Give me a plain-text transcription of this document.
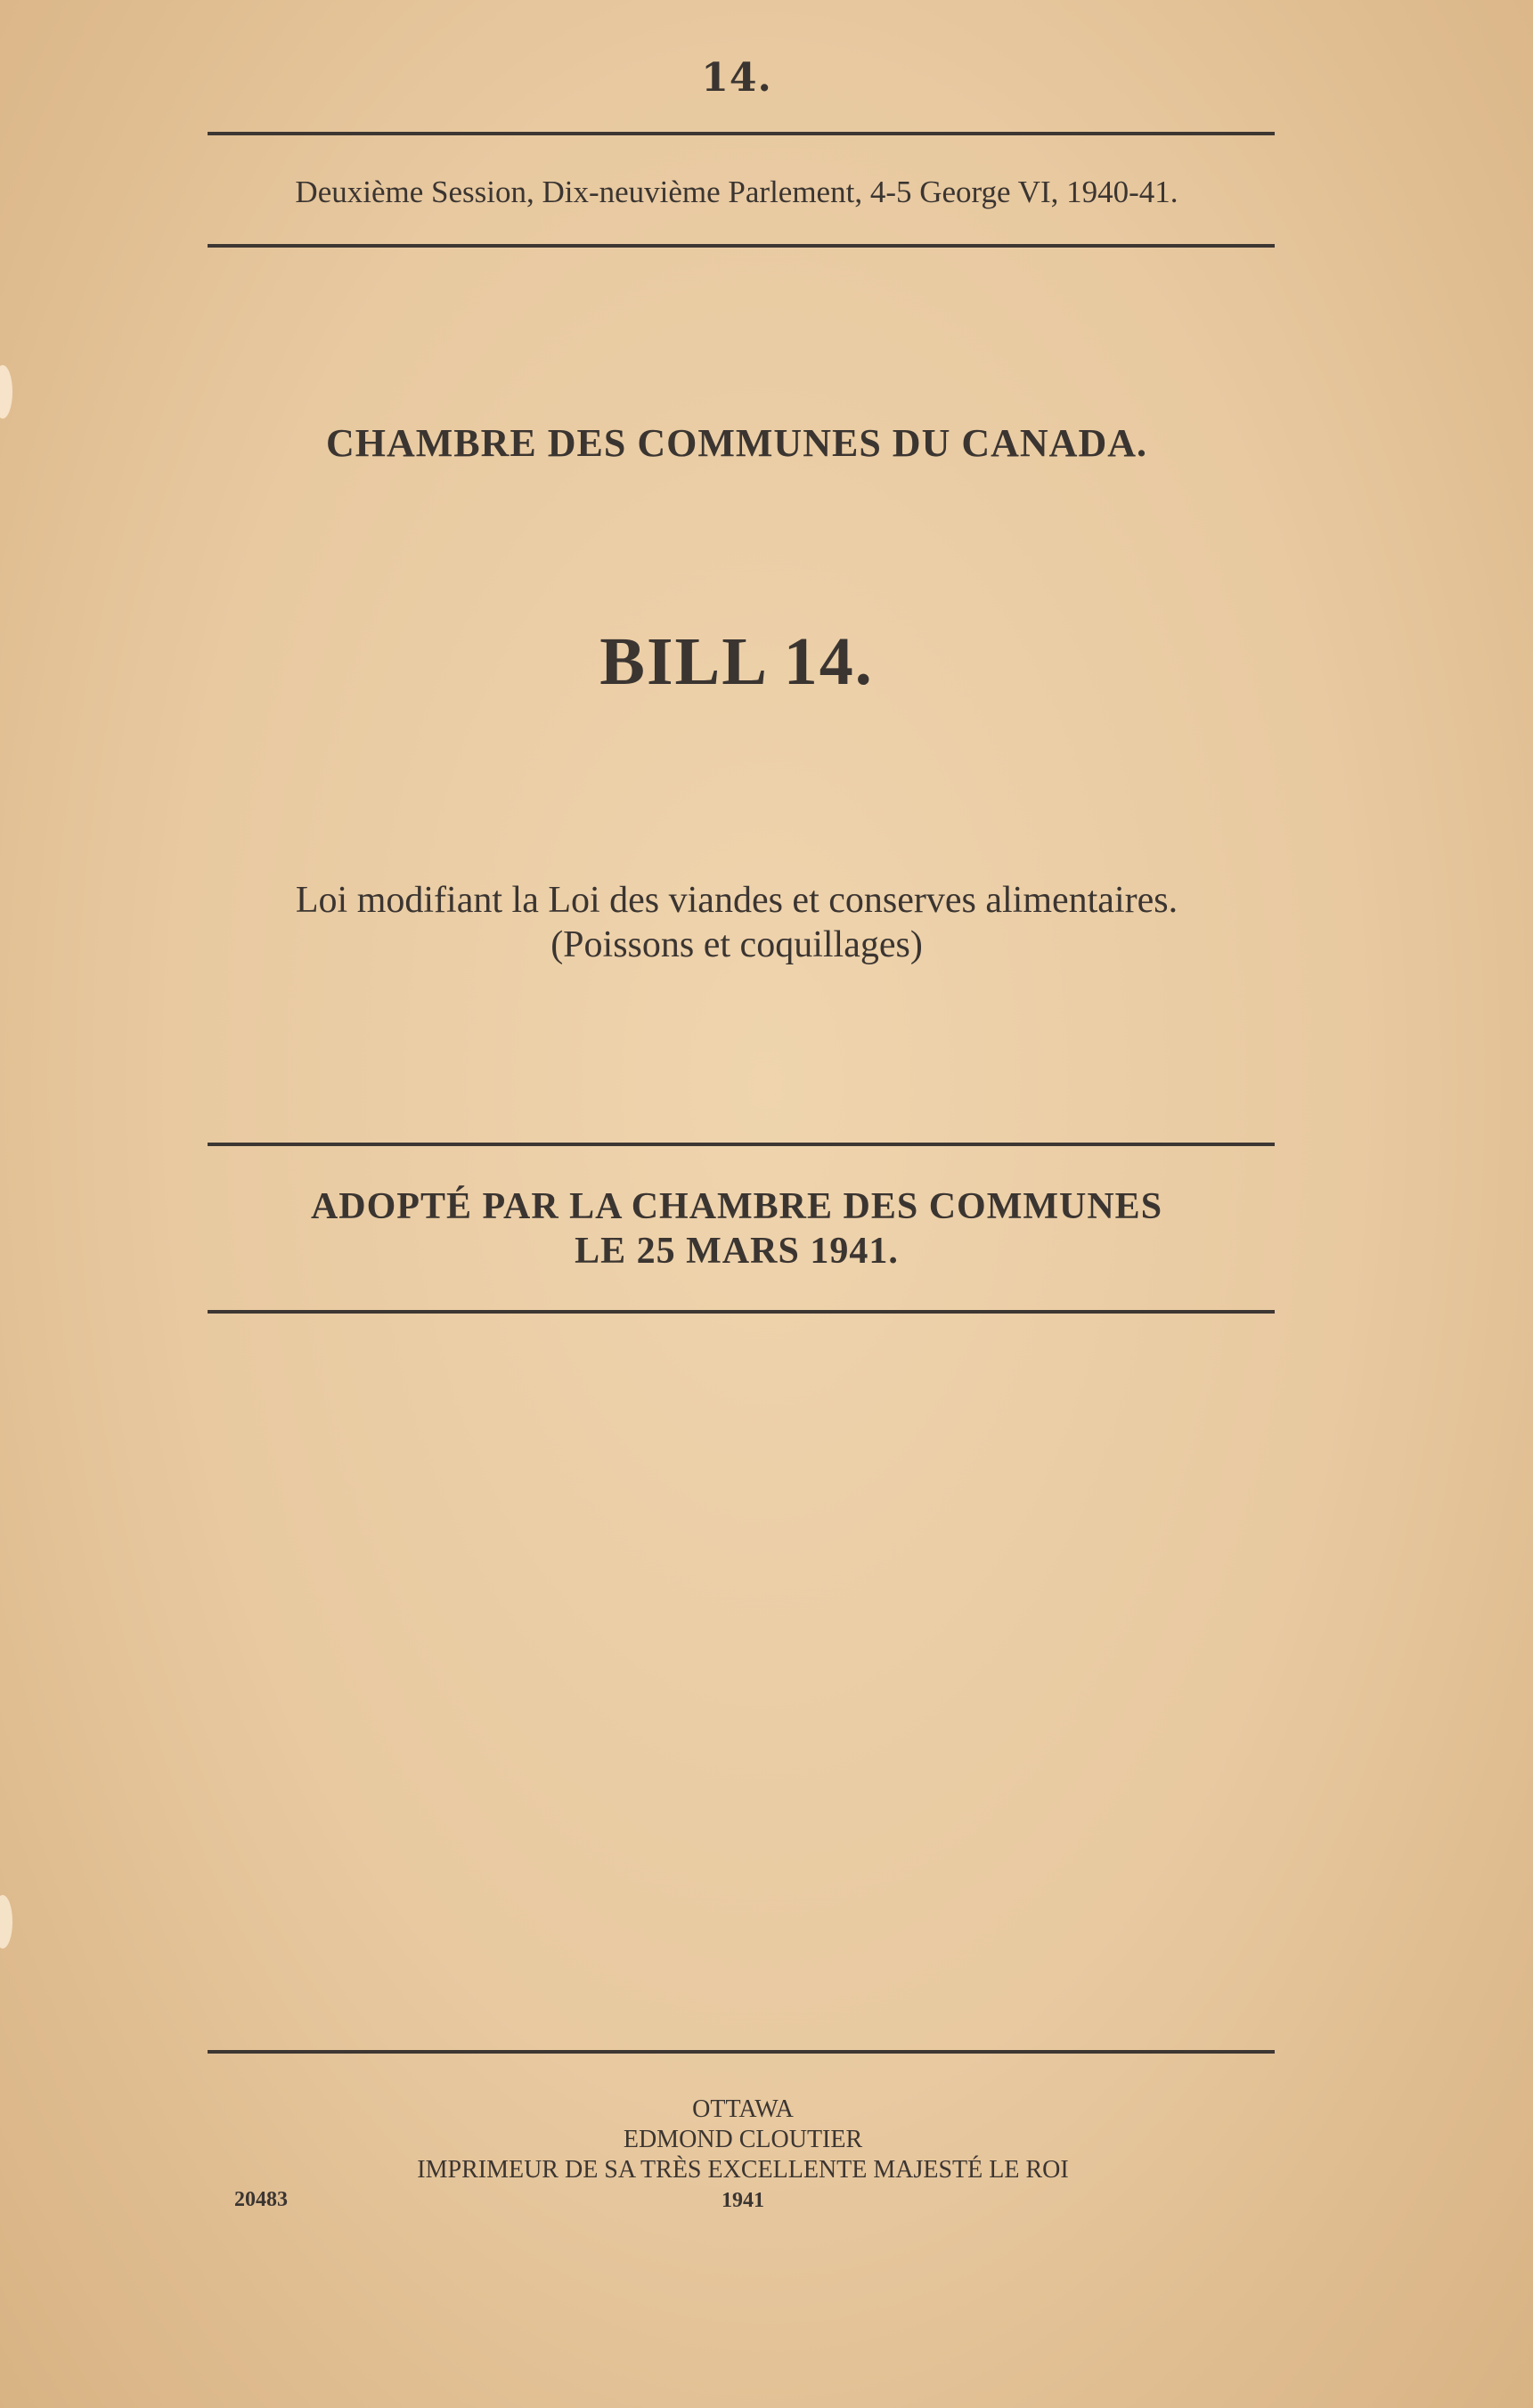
14.
Deuxième Session, Dix-neuvième Parlement, 4-5 George VI, 1940-41.
CHAMBRE DES COMMUNES DU CANADA.
BILL 14.
Loi modifiant la Loi des viandes et conserves alimentaires.
(Poissons et coquillages)
ADOPTÉ PAR LA CHAMBRE DES COMMUNES
LE 25 MARS 1941.
OTTAWA
EDMOND CLOUTIER
IMPRIMEUR DE SA TRÈS EXCELLENTE MAJESTÉ LE ROI
1941
20483
